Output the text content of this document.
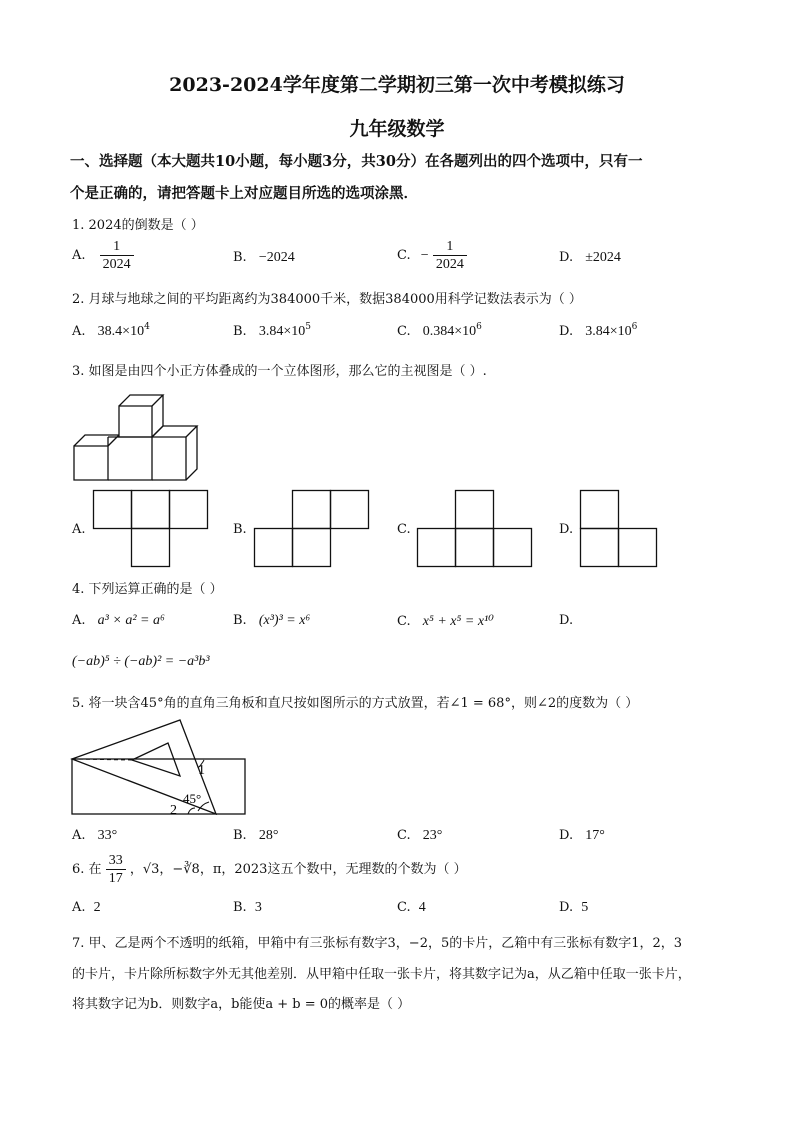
2023-2024学年度第二学期初三第一次中考模拟练习
九年级数学
一、选择题（本大题共10小题，每小题3分，共30分）在各题列出的四个选项中，只有一
个是正确的，请把答题卡上对应题目所选的选项涂黑．
1. 2024的倒数是（ ）
A. $\frac{1}{2024}$	B. −2024	C. − $\frac{1}{2024}$	D. ±2024
2. 月球与地球之间的平均距离约为384000千米，数据384000用科学记数法表示为（ ）
A. $38.4\times 10^4$	B. $3.84\times 10^5$	C. $0.384\times 10^6$	D. $3.84\times 10^6$
3. 如图是由四个小正方体叠成的一个立体图形，那么它的主视图是（ ）.
A.	B.	C.	D.
4. 下列运算正确的是（ ）
A. a³ × a² = a⁶	B. (x³)³ = x⁶	C. x⁵ + x⁵ = x¹⁰	D.
(−ab)⁵ ÷ (−ab)² = −a³b³
5. 将一块含45°角的直角三角板和直尺按如图所示的方式放置，若∠1 = 68°，则∠2的度数为（ ）
1
45°
2
A. 33°	B. 28°	C. 23°	D. 17°
6. 在 $\frac{33}{17}$ ，√3，−∛8，π，2023这五个数中，无理数的个数为（ ）
A. 2	B. 3	C. 4	D. 5
7. 甲、乙是两个不透明的纸箱，甲箱中有三张标有数字3，−2，5的卡片，乙箱中有三张标有数字1，2，3
的卡片，卡片除所标数字外无其他差别．从甲箱中任取一张卡片，将其数字记为a，从乙箱中任取一张卡片，
将其数字记为b．则数字a，b能使a + b = 0的概率是（ ）
